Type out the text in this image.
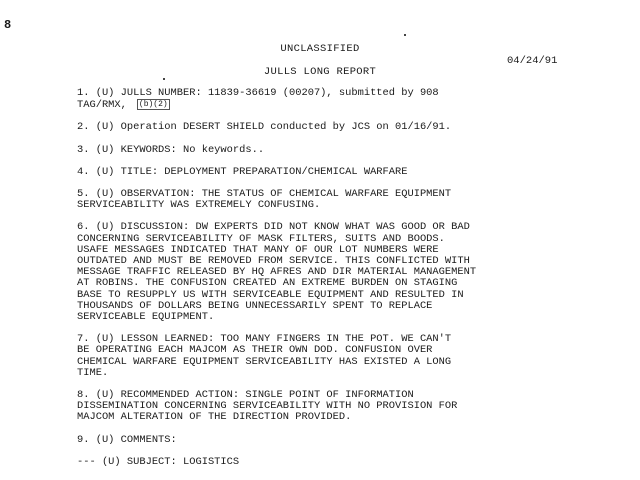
8
UNCLASSIFIED
04/24/91
JULLS LONG REPORT
1. (U) JULLS NUMBER: 11839-36619 (00207), submitted by 908
TAG/RMX, (b)(2)
2. (U) Operation DESERT SHIELD conducted by JCS on 01/16/91.
3. (U) KEYWORDS: No keywords..
4. (U) TITLE: DEPLOYMENT PREPARATION/CHEMICAL WARFARE
5. (U) OBSERVATION: THE STATUS OF CHEMICAL WARFARE EQUIPMENT
SERVICEABILITY WAS EXTREMELY CONFUSING.
6. (U) DISCUSSION: DW EXPERTS DID NOT KNOW WHAT WAS GOOD OR BAD
CONCERNING SERVICEABILITY OF MASK FILTERS, SUITS AND BOODS.
USAFE MESSAGES INDICATED THAT MANY OF OUR LOT NUMBERS WERE
OUTDATED AND MUST BE REMOVED FROM SERVICE. THIS CONFLICTED WITH
MESSAGE TRAFFIC RELEASED BY HQ AFRES AND DIR MATERIAL MANAGEMENT
AT ROBINS. THE CONFUSION CREATED AN EXTREME BURDEN ON STAGING
BASE TO RESUPPLY US WITH SERVICEABLE EQUIPMENT AND RESULTED IN
THOUSANDS OF DOLLARS BEING UNNECESSARILY SPENT TO REPLACE
SERVICEABLE EQUIPMENT.
7. (U) LESSON LEARNED: TOO MANY FINGERS IN THE POT. WE CAN'T
BE OPERATING EACH MAJCOM AS THEIR OWN DOD. CONFUSION OVER
CHEMICAL WARFARE EQUIPMENT SERVICEABILITY HAS EXISTED A LONG
TIME.
8. (U) RECOMMENDED ACTION: SINGLE POINT OF INFORMATION
DISSEMINATION CONCERNING SERVICEABILITY WITH NO PROVISION FOR
MAJCOM ALTERATION OF THE DIRECTION PROVIDED.
9. (U) COMMENTS:
--- (U) SUBJECT: LOGISTICS
